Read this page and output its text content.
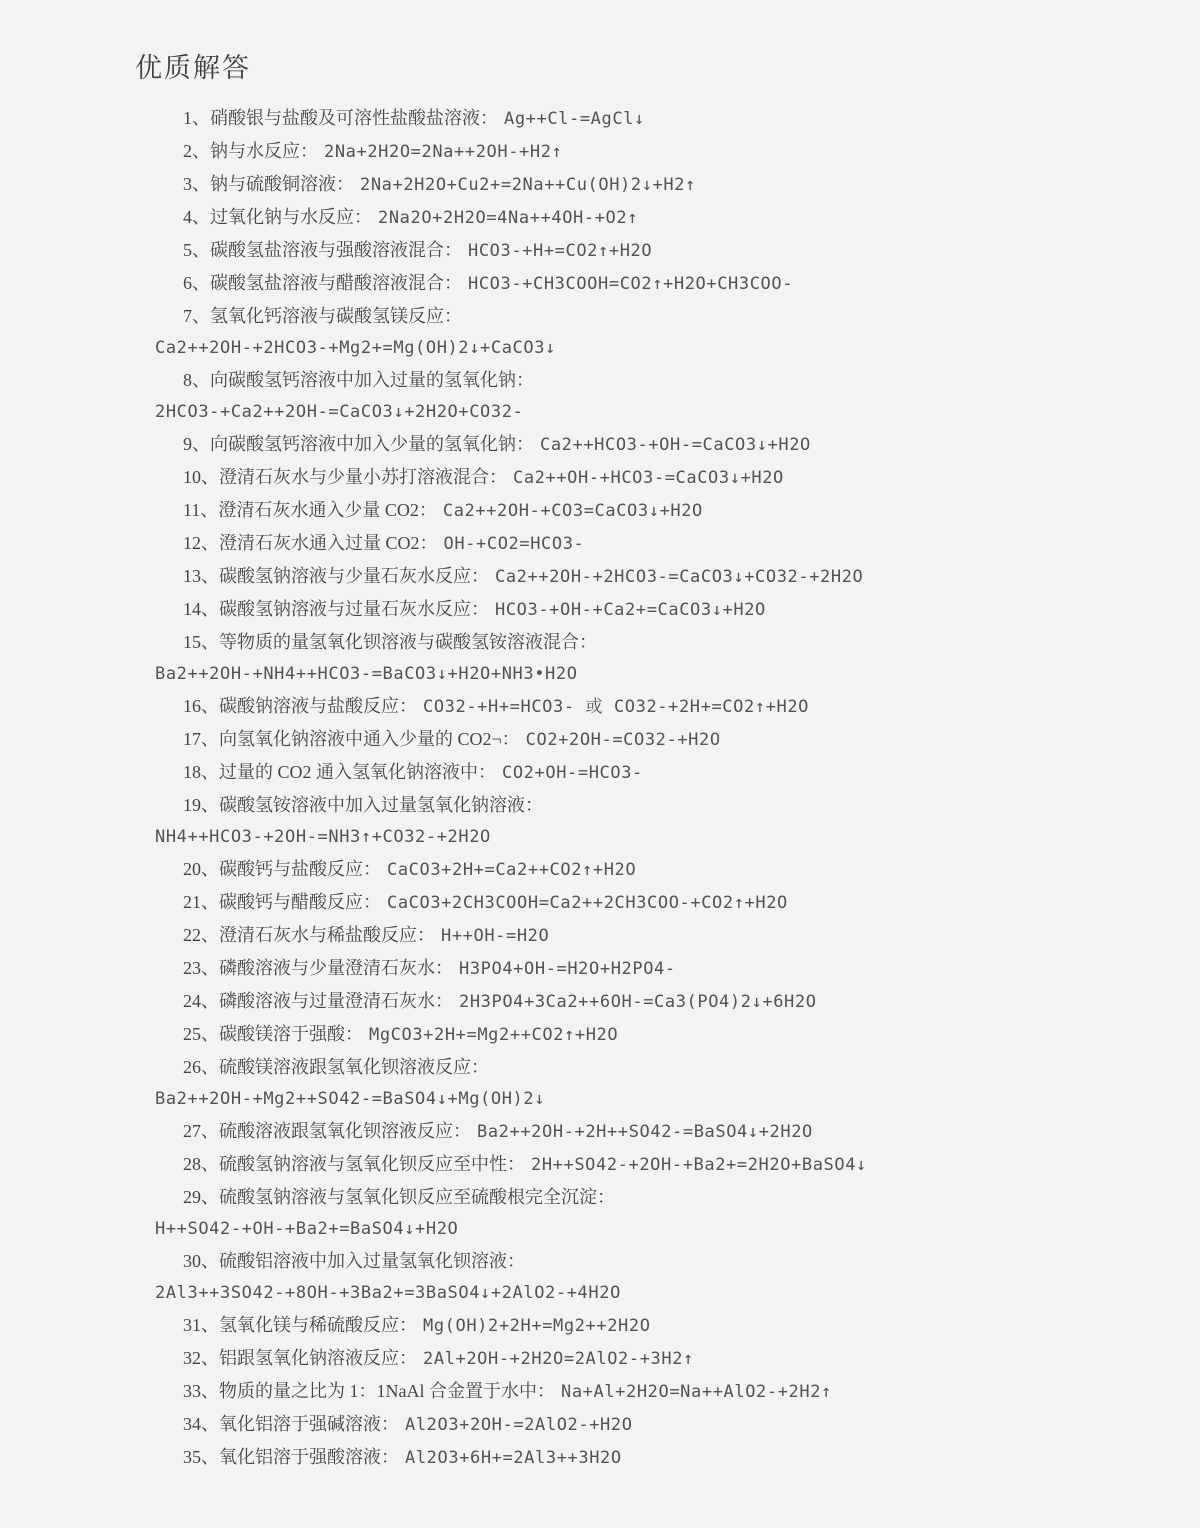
优质解答

1、硝酸银与盐酸及可溶性盐酸盐溶液： Ag++Cl-=AgCl↓

2、钠与水反应： 2Na+2H2O=2Na++2OH-+H2↑

3、钠与硫酸铜溶液： 2Na+2H2O+Cu2+=2Na++Cu(OH)2↓+H2↑

4、过氧化钠与水反应： 2Na2O+2H2O=4Na++4OH-+O2↑

5、碳酸氢盐溶液与强酸溶液混合： HCO3-+H+=CO2↑+H2O

6、碳酸氢盐溶液与醋酸溶液混合： HCO3-+CH3COOH=CO2↑+H2O+CH3COO-

7、氢氧化钙溶液与碳酸氢镁反应：
Ca2++2OH-+2HCO3-+Mg2+=Mg(OH)2↓+CaCO3↓

8、向碳酸氢钙溶液中加入过量的氢氧化钠：
2HCO3-+Ca2++2OH-=CaCO3↓+2H2O+CO32-

9、向碳酸氢钙溶液中加入少量的氢氧化钠： Ca2++HCO3-+OH-=CaCO3↓+H2O

10、澄清石灰水与少量小苏打溶液混合： Ca2++OH-+HCO3-=CaCO3↓+H2O

11、澄清石灰水通入少量 CO2： Ca2++2OH-+CO3=CaCO3↓+H2O

12、澄清石灰水通入过量 CO2： OH-+CO2=HCO3-

13、碳酸氢钠溶液与少量石灰水反应： Ca2++2OH-+2HCO3-=CaCO3↓+CO32-+2H2O

14、碳酸氢钠溶液与过量石灰水反应： HCO3-+OH-+Ca2+=CaCO3↓+H2O

15、等物质的量氢氧化钡溶液与碳酸氢铵溶液混合：
Ba2++2OH-+NH4++HCO3-=BaCO3↓+H2O+NH3•H2O

16、碳酸钠溶液与盐酸反应： CO32-+H+=HCO3- 或 CO32-+2H+=CO2↑+H2O

17、向氢氧化钠溶液中通入少量的 CO2¬： CO2+2OH-=CO32-+H2O

18、过量的 CO2 通入氢氧化钠溶液中： CO2+OH-=HCO3-

19、碳酸氢铵溶液中加入过量氢氧化钠溶液：
NH4++HCO3-+2OH-=NH3↑+CO32-+2H2O

20、碳酸钙与盐酸反应： CaCO3+2H+=Ca2++CO2↑+H2O

21、碳酸钙与醋酸反应： CaCO3+2CH3COOH=Ca2++2CH3COO-+CO2↑+H2O

22、澄清石灰水与稀盐酸反应： H++OH-=H2O

23、磷酸溶液与少量澄清石灰水： H3PO4+OH-=H2O+H2PO4-

24、磷酸溶液与过量澄清石灰水： 2H3PO4+3Ca2++6OH-=Ca3(PO4)2↓+6H2O

25、碳酸镁溶于强酸： MgCO3+2H+=Mg2++CO2↑+H2O

26、硫酸镁溶液跟氢氧化钡溶液反应：
Ba2++2OH-+Mg2++SO42-=BaSO4↓+Mg(OH)2↓

27、硫酸溶液跟氢氧化钡溶液反应： Ba2++2OH-+2H++SO42-=BaSO4↓+2H2O

28、硫酸氢钠溶液与氢氧化钡反应至中性： 2H++SO42-+2OH-+Ba2+=2H2O+BaSO4↓

29、硫酸氢钠溶液与氢氧化钡反应至硫酸根完全沉淀：
H++SO42-+OH-+Ba2+=BaSO4↓+H2O

30、硫酸铝溶液中加入过量氢氧化钡溶液：
2Al3++3SO42-+8OH-+3Ba2+=3BaSO4↓+2AlO2-+4H2O

31、氢氧化镁与稀硫酸反应： Mg(OH)2+2H+=Mg2++2H2O

32、铝跟氢氧化钠溶液反应： 2Al+2OH-+2H2O=2AlO2-+3H2↑

33、物质的量之比为 1：1NaAl 合金置于水中： Na+Al+2H2O=Na++AlO2-+2H2↑

34、氧化铝溶于强碱溶液： Al2O3+2OH-=2AlO2-+H2O

35、氧化铝溶于强酸溶液： Al2O3+6H+=2Al3++3H2O
